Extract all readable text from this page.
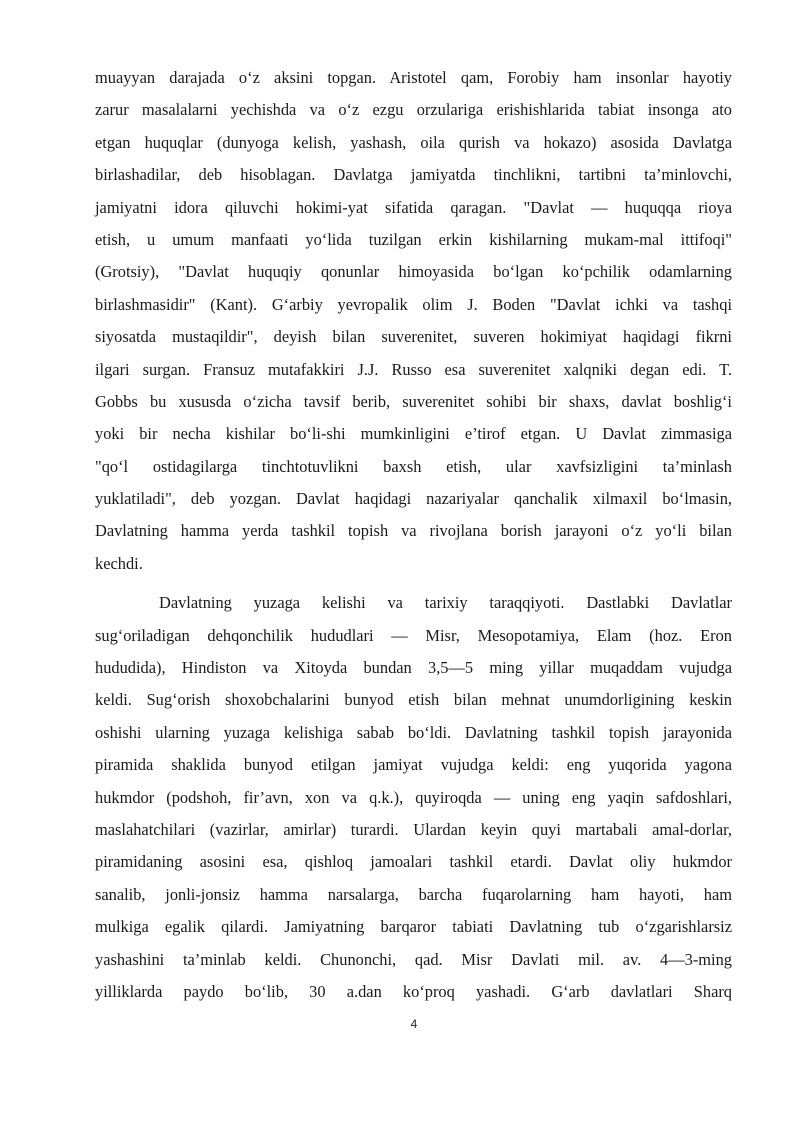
muayyan darajada o‘z aksini topgan. Aristotel qam, Forobiy ham insonlar hayotiy
zarur masalalarni yechishda va o‘z ezgu orzulariga erishishlarida tabiat insonga ato
etgan huquqlar (dunyoga kelish, yashash, oila qurish va hokazo) asosida Davlatga
birlashadilar, deb hisoblagan. Davlatga jamiyatda tinchlikni, tartibni ta’minlovchi,
jamiyatni idora qiluvchi hokimi-yat sifatida qaragan. "Davlat — huquqqa rioya
etish, u umum manfaati yo‘lida tuzilgan erkin kishilarning mukam-mal ittifoqi"
(Grotsiy), "Davlat huquqiy qonunlar himoyasida bo‘lgan ko‘pchilik odamlarning
birlashmasidir" (Kant). G‘arbiy yevropalik olim J. Boden "Davlat ichki va tashqi
siyosatda mustaqildir", deyish bilan suverenitet, suveren hokimiyat haqidagi fikrni
ilgari surgan. Fransuz mutafakkiri J.J. Russo esa suverenitet xalqniki degan edi. T.
Gobbs bu xususda o‘zicha tavsif berib, suverenitet sohibi bir shaxs, davlat boshlig‘i
yoki bir necha kishilar bo‘li-shi mumkinligini e’tirof etgan. U Davlat zimmasiga
"qo‘l ostidagilarga tinchtotuvlikni baxsh etish, ular xavfsizligini ta’minlash
yuklatiladi", deb yozgan. Davlat haqidagi nazariyalar qanchalik xilmaxil bo‘lmasin,
Davlatning hamma yerda tashkil topish va rivojlana borish jarayoni o‘z yo‘li bilan
kechdi.
Davlatning yuzaga kelishi va tarixiy taraqqiyoti. Dastlabki Davlatlar
sug‘oriladigan dehqonchilik hududlari — Misr, Mesopotamiya, Elam (hoz. Eron
hududida), Hindiston va Xitoyda bundan 3,5—5 ming yillar muqaddam vujudga
keldi. Sug‘orish shoxobchalarini bunyod etish bilan mehnat unumdorligining keskin
oshishi ularning yuzaga kelishiga sabab bo‘ldi. Davlatning tashkil topish jarayonida
piramida shaklida bunyod etilgan jamiyat vujudga keldi: eng yuqorida yagona
hukmdor (podshoh, fir’avn, xon va q.k.), quyiroqda — uning eng yaqin safdoshlari,
maslahatchilari (vazirlar, amirlar) turardi. Ulardan keyin quyi martabali amal-dorlar,
piramidaning asosini esa, qishloq jamoalari tashkil etardi. Davlat oliy hukmdor
sanalib, jonli-jonsiz hamma narsalarga, barcha fuqarolarning ham hayoti, ham
mulkiga egalik qilardi. Jamiyatning barqaror tabiati Davlatning tub o‘zgarishlarsiz
yashashini ta’minlab keldi. Chunonchi, qad. Misr Davlati mil. av. 4—3-ming
yilliklarda paydo bo‘lib, 30 a.dan ko‘proq yashadi. G‘arb davlatlari Sharq
4
